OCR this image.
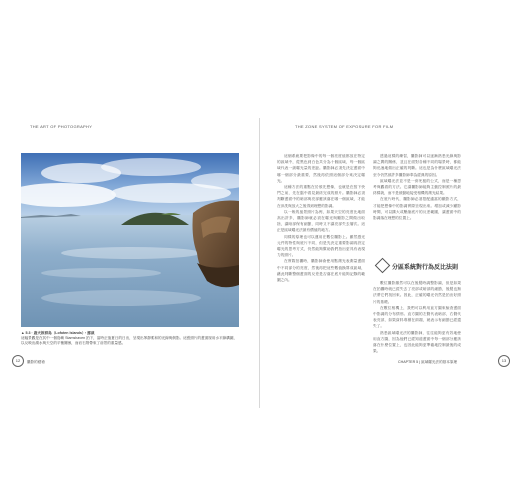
THE ART OF PHOTOGRAPHY
▲ 5.3 · 鹿夫敦群島（Lofoten Islands）・挪威
這幅景觀是在其中一個島嶼 Stamshaven 拍下，當時正值夏日的日出，呈現出寧靜柔和的光線與倒影。這張照片的畫面採用水平線構圖，以反映出湖水與天空的平衡關係，而岩石則帶來了前景的重量感。
12	攝影的藝術
THE ZONE SYSTEM OF EXPOSURE FOR FILM

這個系統要把影像中的每一個亮度值都放在特定的區域中，從黑色到白色共分為十個區域，每一個區域代表一級曝光量的差距。攝影師必須先決定畫面中哪一個部分最重要，然後再依照這個部分來決定曝光。

這種方法的重點在於預先想像，也就是在按下快門之前，先在腦中看見最終完成的照片。攝影師必須判斷畫面中的暗部與亮部應該落在哪一個區域，才能在沖洗與放大之後得到理想的影調。

以一般的風景照片為例，如果天空的亮度比地面高出許多，攝影師就必須在曝光與顯影之間做出取捨，讓暗部保有細節，同時又不讓亮部失去層次。這正是區域曝光法最有價值的地方。

同樣的原理也可以運用在數位攝影上。雖然感光元件的特性與底片不同，但是先決定重要影調再設定曝光的思考方式，仍然能夠幫助我們拍出更具有表現力的照片。

在實際拍攝時，攝影師會使用點測光表測量畫面中不同部分的亮度，然後再把這些數值換算成區域，藉此判斷整個畫面的反差是否落在底片能夠記錄的範圍之內。

透過這樣的練習，攝影師可以逐漸熟悉光線與影調之間的關係，並且在面對各種不同的場景時，都能夠迅速地做出正確的判斷。這也是為什麼區域曝光法至今仍然被許多攝影師奉為經典的原因。

區域曝光法並不是一套死板的公式，而是一種思考與觀看的方法。它讓攝影師能夠主動控制照片的最終樣貌，而不是被動地接受相機的測光結果。

在底片時代，攝影師必須搭配適當的顯影方式，才能把想像中的影調實際呈現出來。增加或減少顯影時間，可以擴大或壓縮底片的反差範圍，讓畫面中的影調落在理想的位置上。

分區系統對行為反比法則

數位攝影雖然可以在後製時調整影調，但是如果在拍攝時就已經失去了亮部或暗部的細節，後製也無法將它們找回來。因此，正確的曝光仍然是拍出好照片的基礎。

在數位相機上，我們可以利用直方圖來檢查畫面中影調的分布情形。直方圖的左側代表暗部，右側代表亮部，如果資料堆積在兩端，就表示有細節已經遺失了。

熟悉區域曝光法的攝影師，往往能夠更有效地使用直方圖，因為他們已經知道畫面中每一個部分應該落在什麼位置上，也因此能夠更準確地控制最後的成果。

CHAPTER 5 | 區域曝光法的基本原理	13
